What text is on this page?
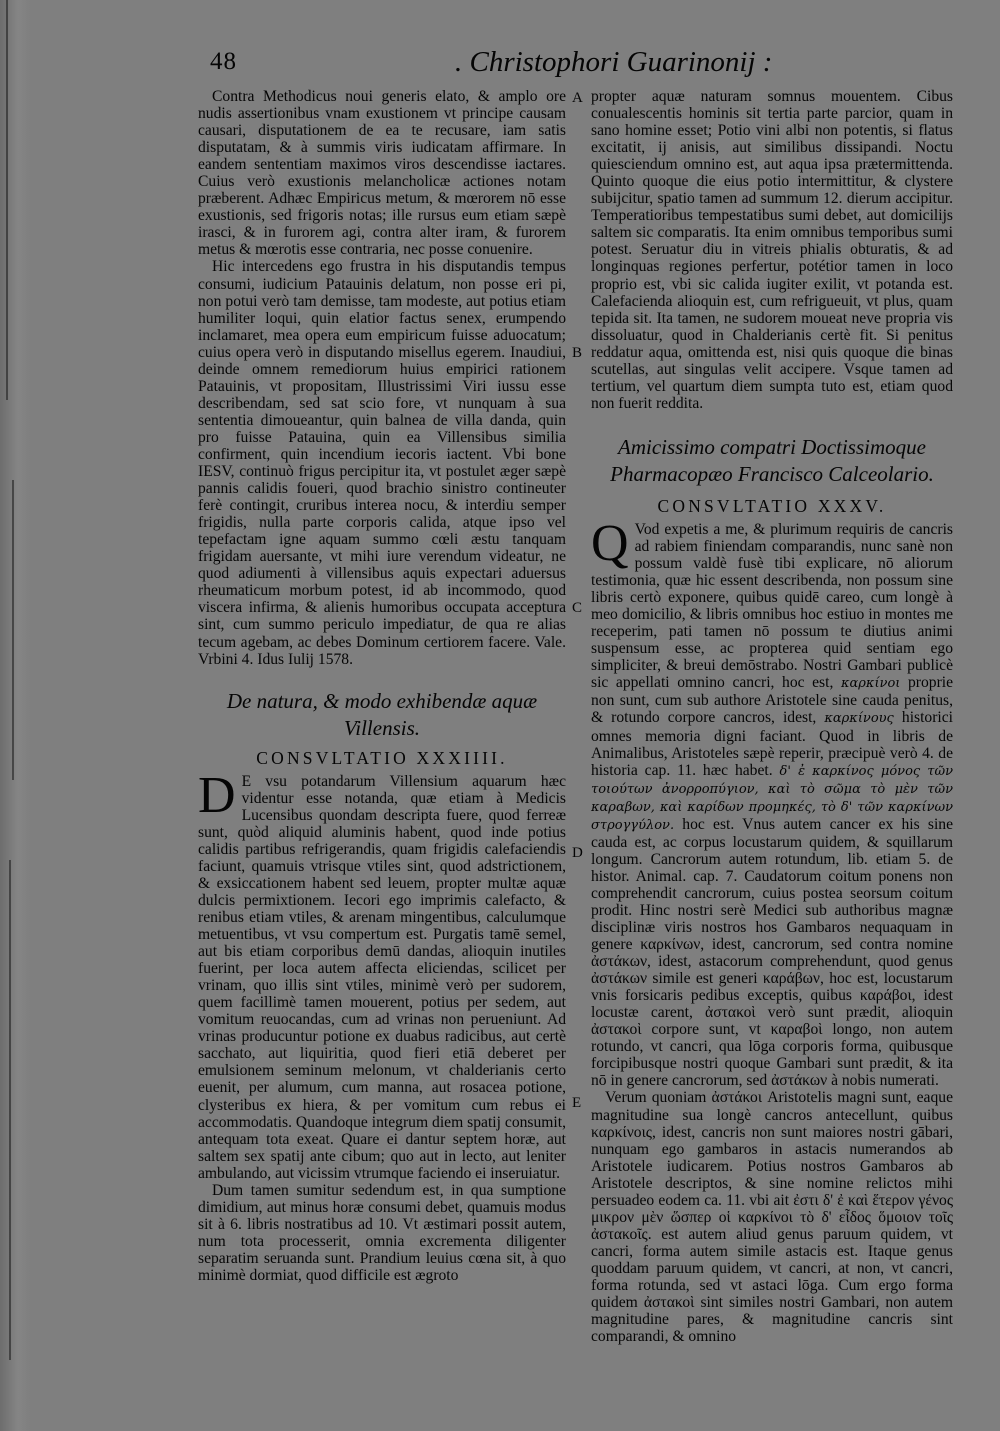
48	. Christophori Guarinonij :
A
B
C
D
E

Contra Methodicus noui generis elato, & amplo ore nudis assertionibus vnam exustionem vt principe causam causari, disputationem de ea te recusare, iam satis disputatam, & à summis viris iudicatam affirmare. In eandem sententiam maximos viros descendisse iactares. Cuius verò exustionis melancholicæ actiones notam præberent. Adhæc Empiricus metum, & mœrorem nō esse exustionis, sed frigoris notas; ille rursus eum etiam sæpè irasci, & in furorem agi, contra alter iram, & furorem metus & mœrotis esse contraria, nec posse conuenire.

Hic intercedens ego frustra in his disputandis tempus consumi, iudicium Patauinis delatum, non posse eri pi, non potui verò tam demisse, tam modeste, aut potius etiam humiliter loqui, quin elatior factus senex, erumpendo inclamaret, mea opera eum empiricum fuisse aduocatum; cuius opera verò in disputando misellus egerem. Inaudiui, deinde omnem remediorum huius empirici rationem Patauinis, vt propositam, Illustrissimi Viri iussu esse describendam, sed sat scio fore, vt nunquam à sua sententia dimoueantur, quin balnea de villa danda, quin pro fuisse Patauina, quin ea Villensibus similia confirment, quin incendium iecoris iactent. Vbi bone IESV, continuò frigus percipitur ita, vt postulet æger sæpè pannis calidis foueri, quod brachio sinistro contineuter ferè contingit, cruribus interea nocu, & interdiu semper frigidis, nulla parte corporis calida, atque ipso vel tepefactam igne aquam summo cœli æstu tanquam frigidam auersante, vt mihi iure verendum videatur, ne quod adiumenti à villensibus aquis expectari aduersus rheumaticum morbum potest, id ab incommodo, quod viscera infirma, & alienis humoribus occupata acceptura sint, cum summo periculo impediatur, de qua re alias tecum agebam, ac debes Dominum certiorem facere. Vale. Vrbini 4. Idus Iulij 1578.

De natura, & modo exhibendæ aquæ Villensis.

CONSVLTATIO XXXIIII.

D E vsu potandarum Villensium aquarum hæc videntur esse notanda, quæ etiam à Medicis Lucensibus quondam descripta fuere, quod ferreæ sunt, quòd aliquid aluminis habent, quod inde potius calidis partibus refrigerandis, quam frigidis calefaciendis faciunt, quamuis vtrisque vtiles sint, quod adstrictionem, & exsiccationem habent sed leuem, propter multæ aquæ dulcis permixtionem. Iecori ego imprimis calefacto, & renibus etiam vtiles, & arenam mingentibus, calculumque metuentibus, vt vsu compertum est. Purgatis tamē semel, aut bis etiam corporibus demū dandas, alioquin inutiles fuerint, per loca autem affecta eliciendas, scilicet per vrinam, quo illis sint vtiles, minimè verò per sudorem, quem facillimè tamen mouerent, potius per sedem, aut vomitum reuocandas, cum ad vrinas non perueniunt. Ad vrinas producuntur potione ex duabus radicibus, aut certè sacchato, aut liquiritia, quod fieri etiā deberet per emulsionem seminum melonum, vt chalderianis certo euenit, per alumum, cum manna, aut rosacea potione, clysteribus ex hiera, & per vomitum cum rebus ei accommodatis. Quandoque integrum diem spatij consumit, antequam tota exeat. Quare ei dantur septem horæ, aut saltem sex spatij ante cibum; quo aut in lecto, aut leniter ambulando, aut vicissim vtrumque faciendo ei inseruiatur.

Dum tamen sumitur sedendum est, in qua sumptione dimidium, aut minus horæ consumi debet, quamuis modus sit à 6. libris nostratibus ad 10. Vt æstimari possit autem, num tota processerit, omnia excrementa diligenter separatim seruanda sunt. Prandium leuius cœna sit, à quo minimè dormiat, quod difficile est ægroto

propter aquæ naturam somnus mouentem. Cibus conualescentis hominis sit tertia parte parcior, quam in sano homine esset; Potio vini albi non potentis, si flatus excitatit, ij anisis, aut similibus dissipandi. Noctu quiesciendum omnino est, aut aqua ipsa prætermittenda. Quinto quoque die eius potio intermittitur, & clystere subijcitur, spatio tamen ad summum 12. dierum accipitur. Temperatioribus tempestatibus sumi debet, aut domicilijs saltem sic comparatis. Ita enim omnibus temporibus sumi potest. Seruatur diu in vitreis phialis obturatis, & ad longinquas regiones perfertur, potétior tamen in loco proprio est, vbi sic calida iugiter exilit, vt potanda est. Calefacienda alioquin est, cum refrigueuit, vt plus, quam tepida sit. Ita tamen, ne sudorem moueat neve propria vis dissoluatur, quod in Chalderianis certè fit. Si penitus reddatur aqua, omittenda est, nisi quis quoque die binas scutellas, aut singulas velit accipere. Vsque tamen ad tertium, vel quartum diem sumpta tuto est, etiam quod non fuerit reddita.

Amicissimo compatri Doctissimoque Pharmacopæo Francisco Calceolario.

CONSVLTATIO XXXV.

Q Vod expetis a me, & plurimum requiris de cancris ad rabiem finiendam comparandis, nunc sanè non possum valdè fusè tibi explicare, nō aliorum testimonia, quæ hic essent describenda, non possum sine libris certò exponere, quibus quidē careo, cum longè à meo domicilio, & libris omnibus hoc estiuo in montes me receperim, pati tamen nō possum te diutius animi suspensum esse, ac propterea quid sentiam ego simpliciter, & breui demōstrabo. Nostri Gambari publicè sic appellati omnino cancri, hoc est, καρκίνοι proprie non sunt, cum sub authore Aristotele sine cauda penitus, & rotundo corpore cancros, idest, καρκίνους historici omnes memoria digni faciant. Quod in libris de Animalibus, Aristoteles sæpè reperir, præcipuè verò 4. de historia cap. 11. hæc habet. δ' ἐ καρκίνος μόνος τῶν τοιούτων ἀνορροπύγιον, καὶ τὸ σῶμα τὸ μὲν τῶν καραβων, καὶ καρίδων προμηκές, τὸ δ' τῶν καρκίνων στρογγύλον. hoc est. Vnus autem cancer ex his sine cauda est, ac corpus locustarum quidem, & squillarum longum. Cancrorum autem rotundum, lib. etiam 5. de histor. Animal. cap. 7. Caudatorum coitum ponens non comprehendit cancrorum, cuius postea seorsum coitum prodit. Hinc nostri serè Medici sub authoribus magnæ disciplinæ viris nostros hos Gambaros nequaquam in genere καρκίνων, idest, cancrorum, sed contra nomine ἀστάκων, idest, astacorum comprehendunt, quod genus ἀστάκων simile est generi καράβων, hoc est, locustarum vnis forsicaris pedibus exceptis, quibus καράβοι, idest locustæ carent, ἀστακοὶ verò sunt prædit, alioquin ἀστακοὶ corpore sunt, vt καραβοὶ longo, non autem rotundo, vt cancri, qua lōga corporis forma, quibusque forcipibusque nostri quoque Gambari sunt prædit, & ita nō in genere cancrorum, sed ἀστάκων à nobis numerati.

Verum quoniam ἀστάκοι Aristotelis magni sunt, eaque magnitudine sua longè cancros antecellunt, quibus καρκίνοις, idest, cancris non sunt maiores nostri gābari, nunquam ego gambaros in astacis numerandos ab Aristotele iudicarem. Potius nostros Gambaros ab Aristotele descriptos, & sine nomine relictos mihi persuadeo eodem ca. 11. vbi ait ἐστι δ' ἐ καὶ ἕτερον γένος μικρον μὲν ὥσπερ οἱ καρκίνοι τὸ δ' εἶδος ὅμοιον τοῖς ἀστακοῖς. est autem aliud genus paruum quidem, vt cancri, forma autem simile astacis est. Itaque genus quoddam paruum quidem, vt cancri, at non, vt cancri, forma rotunda, sed vt astaci lōga. Cum ergo forma quidem ἀστακοὶ sint similes nostri Gambari, non autem magnitudine pares, & magnitudine cancris sint comparandi, & omnino
